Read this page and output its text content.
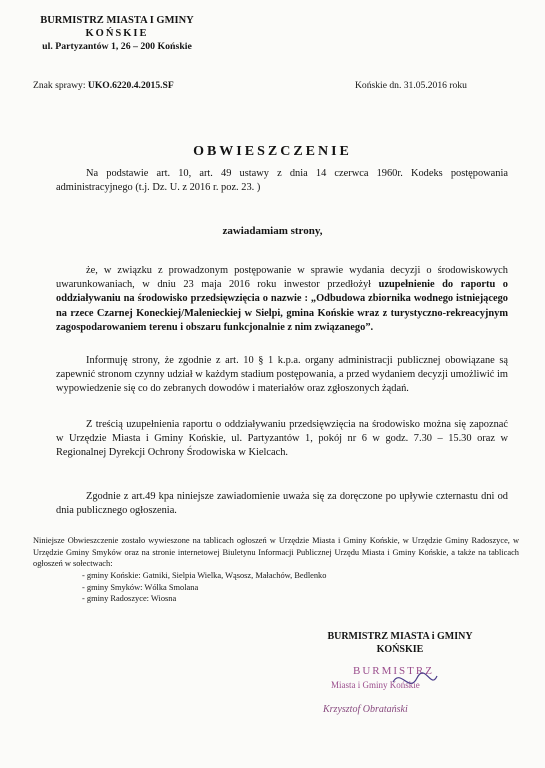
BURMISTRZ MIASTA I GMINY
KOŃSKIE
ul. Partyzantów 1, 26 – 200 Końskie
Znak sprawy: UKO.6220.4.2015.SF	Końskie dn. 31.05.2016 roku
OBWIESZCZENIE
Na podstawie art. 10, art. 49 ustawy z dnia 14 czerwca 1960r. Kodeks postępowania administracyjnego (t.j. Dz. U. z 2016 r. poz. 23. )
zawiadamiam strony,
że, w związku z prowadzonym postępowanie w sprawie wydania decyzji o środowiskowych uwarunkowaniach, w dniu 23 maja 2016 roku inwestor przedłożył uzupełnienie do raportu o oddziaływaniu na środowisko przedsięwzięcia o nazwie : „Odbudowa zbiornika wodnego istniejącego na rzece Czarnej Koneckiej/Malenieckiej w Sielpi, gmina Końskie wraz z turystyczno-rekreacyjnym zagospodarowaniem terenu i obszaru funkcjonalnie z nim związanego”.
Informuję strony, że zgodnie z art. 10 § 1 k.p.a. organy administracji publicznej obowiązane są zapewnić stronom czynny udział w każdym stadium postępowania, a przed wydaniem decyzji umożliwić im wypowiedzenie się co do zebranych dowodów i materiałów oraz zgłoszonych żądań.
Z treścią uzupełnienia raportu o oddziaływaniu przedsięwzięcia na środowisko można się zapoznać w Urzędzie Miasta i Gminy Końskie, ul. Partyzantów 1, pokój nr 6 w godz. 7.30 – 15.30 oraz w Regionalnej Dyrekcji Ochrony Środowiska w Kielcach.
Zgodnie z art.49 kpa niniejsze zawiadomienie uważa się za doręczone po upływie czternastu dni od dnia publicznego ogłoszenia.
Niniejsze Obwieszczenie zostało wywieszone na tablicach ogłoszeń w Urzędzie Miasta i Gminy Końskie, w Urzędzie Gminy Radoszyce, w Urzędzie Gminy Smyków oraz na stronie internetowej Biuletynu Informacji Publicznej Urzędu Miasta i Gminy Końskie, a także na tablicach ogłoszeń w sołectwach:
- gminy Końskie: Gatniki, Sielpia Wielka, Wąsosz, Małachów, Bedlenko
- gminy Smyków: Wólka Smolana
- gminy Radoszyce: Wiosna
BURMISTRZ MIASTA i GMINY
KOŃSKIE
BURMISTRZ
Miasta i Gminy Końskie
Krzysztof Obratański
